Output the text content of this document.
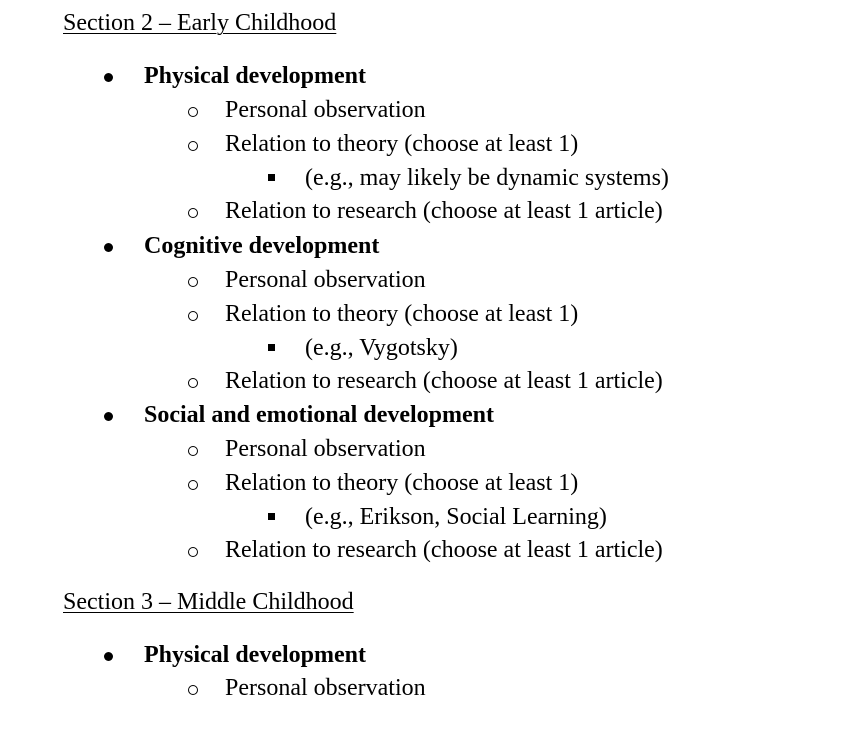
Section 2 – Early Childhood
Physical development
Personal observation
Relation to theory (choose at least 1)
(e.g., may likely be dynamic systems)
Relation to research (choose at least 1 article)
Cognitive development
Personal observation
Relation to theory (choose at least 1)
(e.g., Vygotsky)
Relation to research (choose at least 1 article)
Social and emotional development
Personal observation
Relation to theory (choose at least 1)
(e.g., Erikson, Social Learning)
Relation to research (choose at least 1 article)
Section 3 – Middle Childhood
Physical development
Personal observation
